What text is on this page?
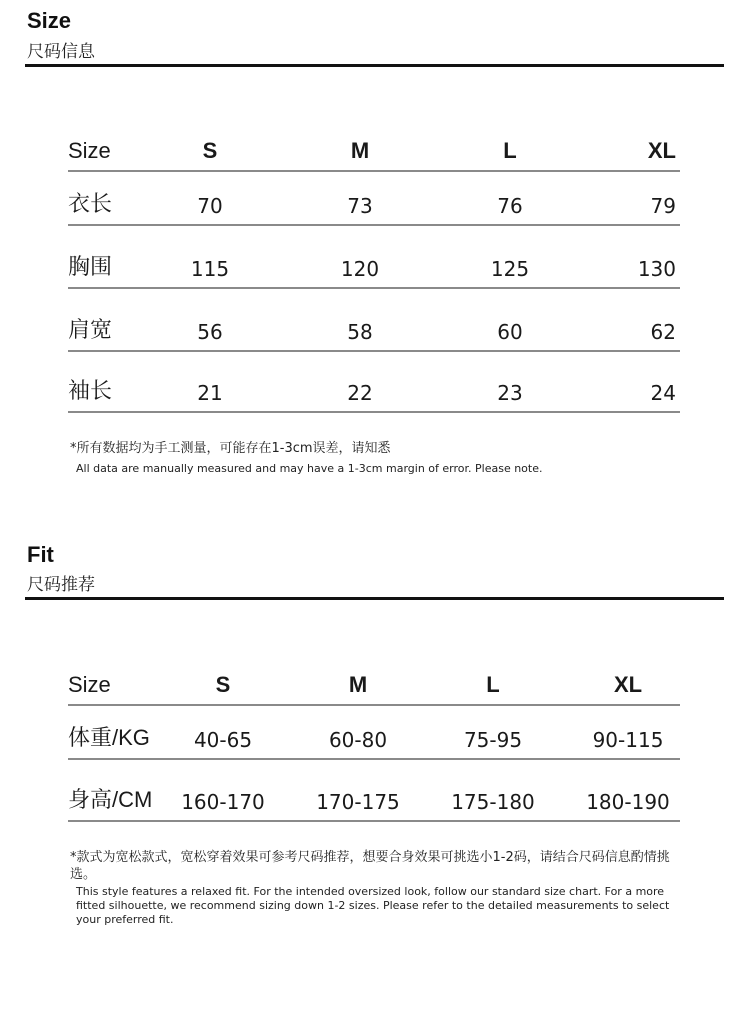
Size
尺码信息
Size	S	M	L	XL
衣长	70	73	76	79
胸围	115	120	125	130
肩宽	56	58	60	62
袖长	21	22	23	24
*所有数据均为手工测量，可能存在1-3cm误差，请知悉
All data are manually measured and may have a 1-3cm margin of error. Please note.
Fit
尺码推荐
Size	S	M	L	XL
体重/KG 40-65	60-80	75-95	90-115
身高/CM 160-170	170-175	175-180	180-190
*款式为宽松款式，宽松穿着效果可参考尺码推荐，想要合身效果可挑选小1-2码，请结合尺码信息酌情挑选。
This style features a relaxed fit. For the intended oversized look, follow our standard size chart. For a more fitted silhouette, we recommend sizing down 1-2 sizes. Please refer to the detailed measurements to select your preferred fit.
